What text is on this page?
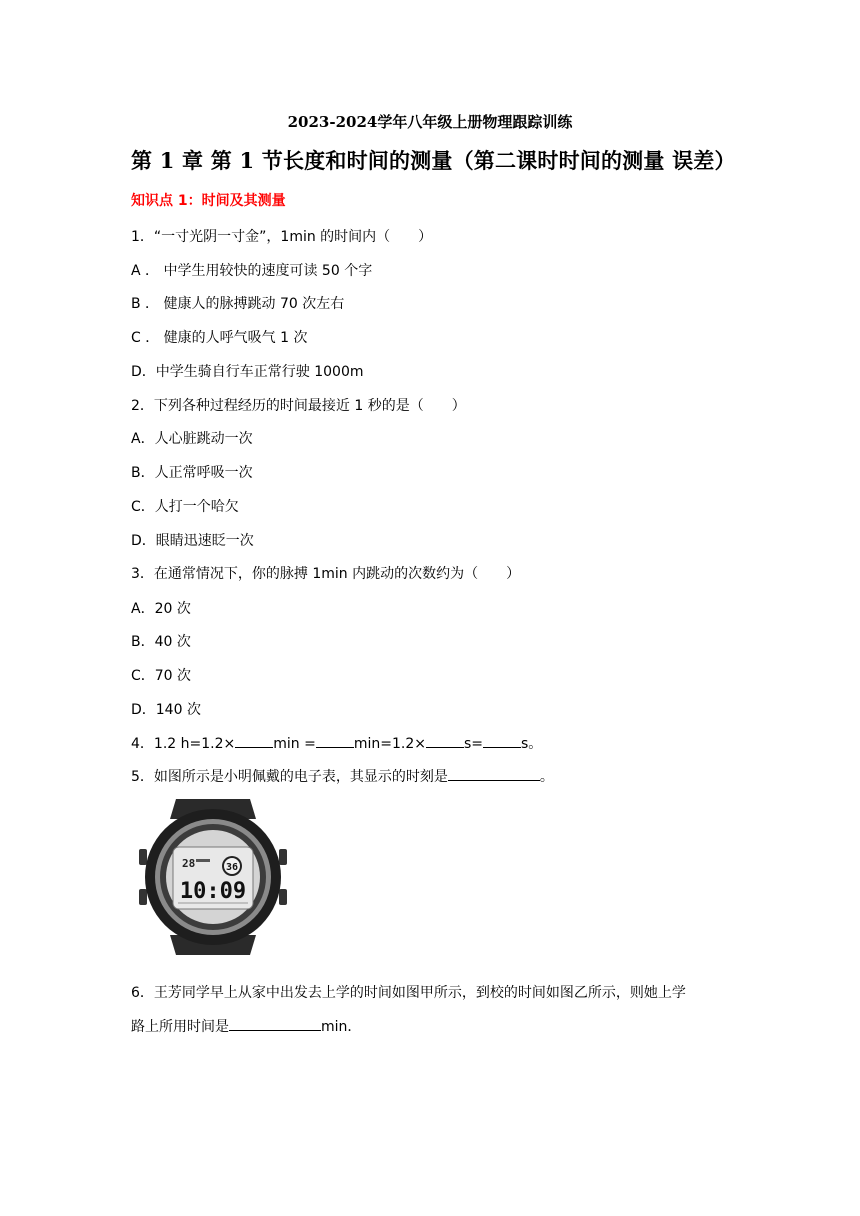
2023-2024学年八年级上册物理跟踪训练
第 1 章 第 1 节长度和时间的测量（第二课时时间的测量 误差）
知识点 1：时间及其测量
1．“一寸光阴一寸金”，1min 的时间内（　　）
A ． 中学生用较快的速度可读 50 个字
B ． 健康人的脉搏跳动 70 次左右
C ． 健康的人呼气吸气 1 次
D．中学生骑自行车正常行驶 1000m
2．下列各种过程经历的时间最接近 1 秒的是（　　）
A．人心脏跳动一次
B．人正常呼吸一次
C．人打一个哈欠
D．眼睛迅速眨一次
3．在通常情况下，你的脉搏 1min 内跳动的次数约为（　　）
A．20 次
B．40 次
C．70 次
D．140 次
4．1.2 h=1.2×	min =	min=1.2×	s=	s。
5．如图所示是小明佩戴的电子表，其显示的时刻是	。
28	36
10:09
6．王芳同学早上从家中出发去上学的时间如图甲所示，到校的时间如图乙所示，则她上学
路上所用时间是	min．
